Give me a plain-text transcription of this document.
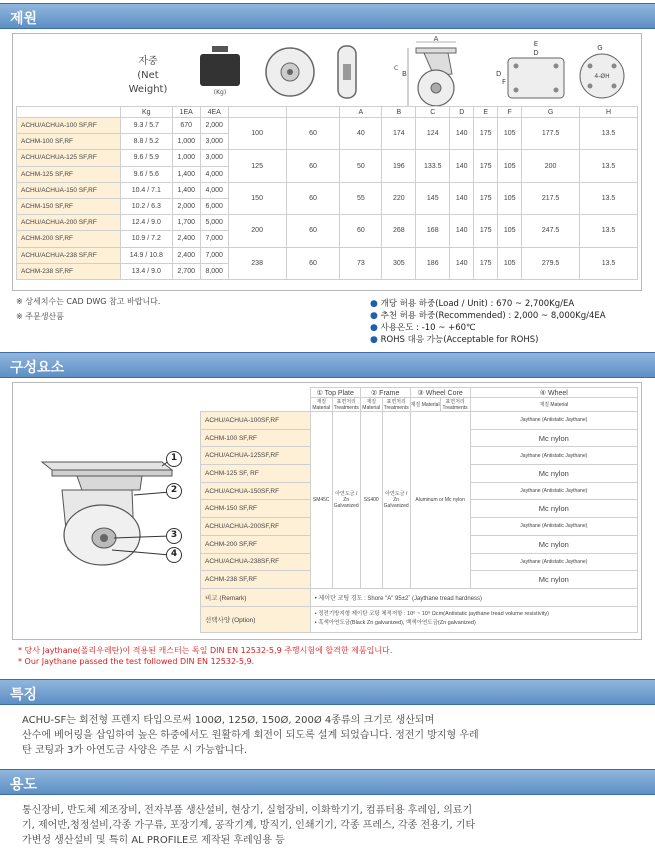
제원
자중
(Net Weight)	(Kg)
A
B
C
E
D
D
F
G
4-ØH
	Kg	1EA	4EA			A	B	C	D	E	F	G	H
ACHU/ACHUA-100 SF,RF	9.3 / 5.7	670	2,000	100	60	40	174	124	140	175	105	177.5	13.5
ACHM-100 SF,RF	8.8 / 5.2	1,000	3,000										
ACHU/ACHUA-125 SF,RF	9.6 / 5.9	1,000	3,000	125	60	50	196	133.5	140	175	105	200	13.5
ACHM-125 SF,RF	9.6 / 5.6	1,400	4,000										
ACHU/ACHUA-150 SF,RF	10.4 / 7.1	1,400	4,000	150	60	55	220	145	140	175	105	217.5	13.5
ACHM-150 SF,RF	10.2 / 6.3	2,000	6,000										
ACHU/ACHUA-200 SF,RF	12.4 / 9.0	1,700	5,000	200	60	60	268	168	140	175	105	247.5	13.5
ACHM-200 SF,RF	10.9 / 7.2	2,400	7,000										
ACHU/ACHUA-238 SF,RF	14.9 / 10.8	2,400	7,000	238	60	73	305	186	140	175	105	279.5	13.5
ACHM-238 SF,RF	13.4 / 9.0	2,700	8,000										
※ 상세치수는 CAD DWG 참고 바랍니다.
※ 주문생산품
● 개당 허용 하중(Load / Unit) : 670 ~ 2,700Kg/EA
● 추천 허용 하중(Recommended) : 2,000 ~ 8,000Kg/4EA
● 사용온도 : -10 ~ +60℃
● ROHS 대응 가능(Acceptable for ROHS)
구성요소
1
2
3
4
	① Top Plate		② Frame		③ Wheel Core		④ Wheel
	재질 Material	표면처리 Treatments	재질 Material	표면처리 Treatments	재질 Material	표면처리 Treatments	재질 Material
ACHU/ACHUA-100SF,RF	SM45C	아연도금 / Zn Galvanized	SS400	아연도금 / Zn Galvanized	Aluminum or Mc nylon		Jaythane (Antistatic Jaythane)
ACHM-100 SF,RF							Mc nylon
ACHU/ACHUA-125SF,RF							Jaythane (Antistatic Jaythane)
ACHM-125 SF, RF							Mc nylon
ACHU/ACHUA-150SF,RF							Jaythane (Antistatic Jaythane)
ACHM-150 SF,RF							Mc nylon
ACHU/ACHUA-200SF,RF							Jaythane (Antistatic Jaythane)
ACHM-200 SF,RF							Mc nylon
ACHU/ACHUA-238SF,RF							Jaythane (Antistatic Jaythane)
ACHM-238 SF,RF							Mc nylon
비고 (Remark)	• 제이탄 코팅 경도 : Shore "A" 95±2˚ (Jaythane tread hardness)						
선택사양 (Option)	• 정전기방지형 제이탄 코팅 체적저항 : 10⁶ ~ 10⁹ Ωcm(Antistatic jaythane tread volume resistivity)
• 흑색아연도금(Black Zn galvanized), 백색아연도금(Zn galvanized)						
* 당사 Jaythane(폴리우레탄)이 적용된 캐스터는 독일 DIN EN 12532-5,9 주행시험에 합격한 제품입니다.
* Our Jaythane passed the test followed DIN EN 12532-5,9.
특징
ACHU-SF는 회전형 프렌지 타입으로써 100Ø, 125Ø, 150Ø, 200Ø 4종류의 크기로 생산되며
산수에 베어링을 삽입하여 높은 하중에서도 원활하게 회전이 되도록 설계 되었습니다. 정전기 방지형 우레
탄 코팅과 3가 아연도금 사양은 주문 시 가능합니다.
용도
통신장비, 반도체 제조장비, 전자부품 생산설비, 현상기, 실험장비, 이화학기기, 컴퓨터용 후레임, 의료기
기, 제어반,청정설비,각종 가구류, 포장기계, 공작기계, 방직기, 인쇄기기, 각종 프레스, 각종 전용기, 기타
가변성 생산설비 및 특히 AL PROFILE로 제작된 후레임용 등
